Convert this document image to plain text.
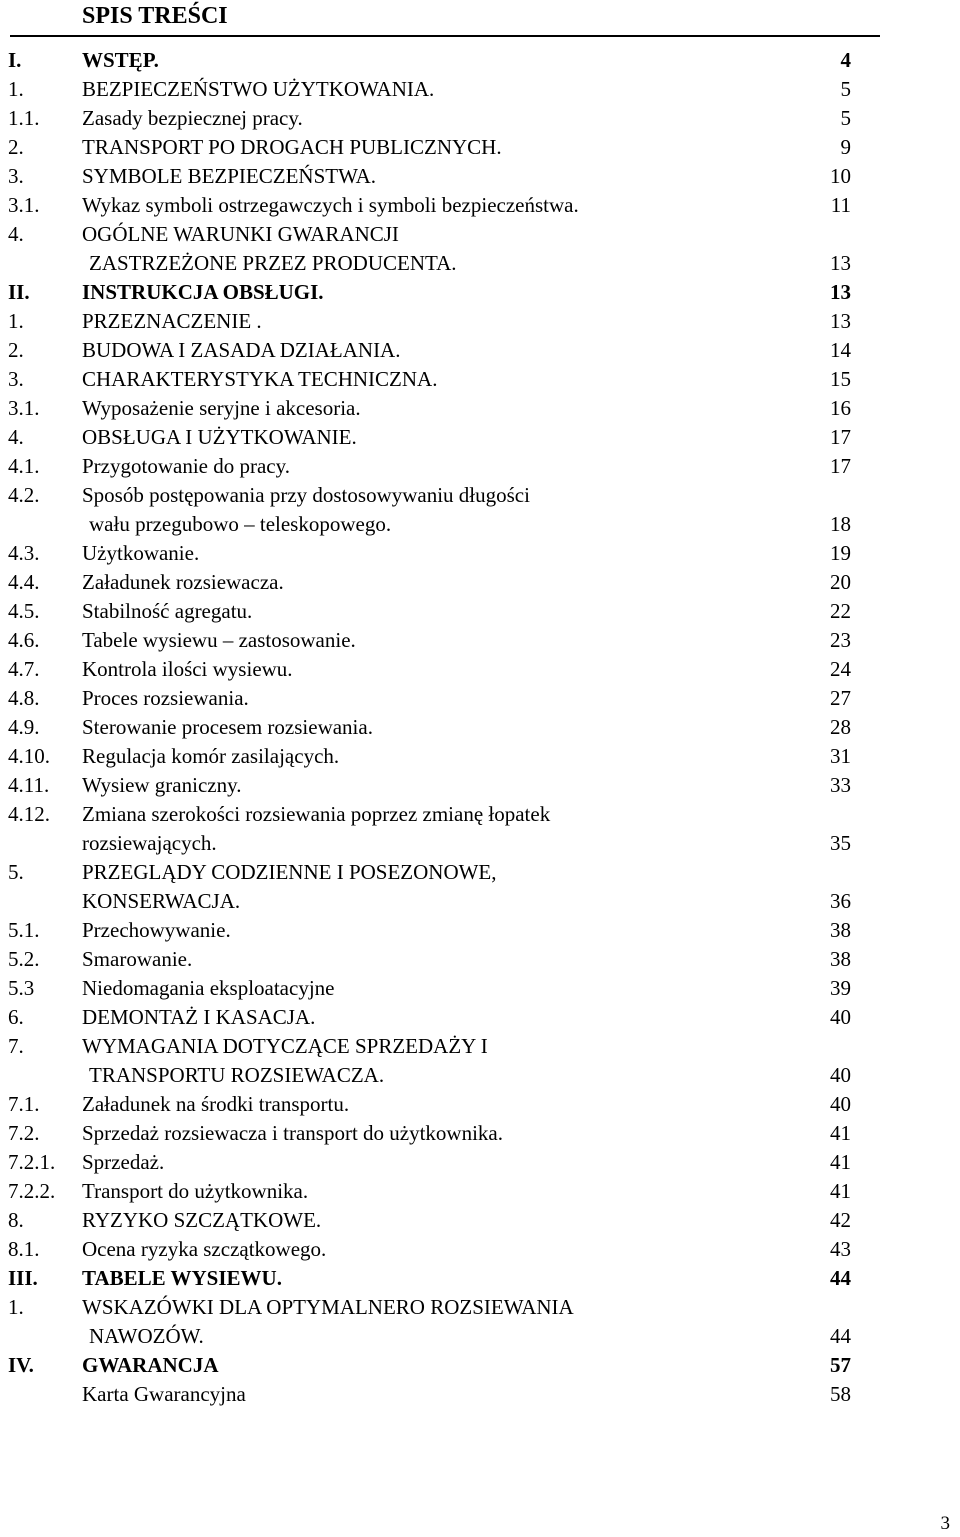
SPIS TREŚCI
I.	WSTĘP.	4
1.	BEZPIECZEŃSTWO UŻYTKOWANIA.	5
1.1. Zasady bezpiecznej pracy.	5
2.	TRANSPORT PO DROGACH PUBLICZNYCH.	9
3.	SYMBOLE BEZPIECZEŃSTWA.	10
3.1. Wykaz symboli ostrzegawczych i symboli bezpieczeństwa.	11
4.	OGÓLNE WARUNKI GWARANCJI
ZASTRZEŻONE PRZEZ PRODUCENTA.	13
II. INSTRUKCJA OBSŁUGI.	13
1.	PRZEZNACZENIE .	13
2.	BUDOWA I ZASADA DZIAŁANIA.	14
3.	CHARAKTERYSTYKA TECHNICZNA.	15
3.1. Wyposażenie seryjne i akcesoria.	16
4.	OBSŁUGA I UŻYTKOWANIE.	17
4.1. Przygotowanie do pracy.	17
4.2. Sposób postępowania przy dostosowywaniu długości
wału przegubowo – teleskopowego.	18
4.3. Użytkowanie.	19
4.4. Załadunek rozsiewacza.	20
4.5. Stabilność agregatu.	22
4.6. Tabele wysiewu – zastosowanie.	23
4.7. Kontrola ilości wysiewu.	24
4.8. Proces rozsiewania.	27
4.9. Sterowanie procesem rozsiewania.	28
4.10. Regulacja komór zasilających.	31
4.11. Wysiew graniczny.	33
4.12. Zmiana szerokości rozsiewania poprzez zmianę łopatek
rozsiewających.	35
5.	PRZEGLĄDY CODZIENNE I POSEZONOWE,
KONSERWACJA.	36
5.1. Przechowywanie.	38
5.2. Smarowanie.	38
5.3 Niedomagania eksploatacyjne	39
6.	DEMONTAŻ I KASACJA.	40
7.	WYMAGANIA DOTYCZĄCE SPRZEDAŻY I
TRANSPORTU ROZSIEWACZA.	40
7.1. Załadunek na środki transportu.	40
7.2. Sprzedaż rozsiewacza i transport do użytkownika.	41
7.2.1. Sprzedaż.	41
7.2.2. Transport do użytkownika.	41
8.	RYZYKO SZCZĄTKOWE.	42
8.1. Ocena ryzyka szczątkowego.	43
III. TABELE WYSIEWU.	44
1.	WSKAZÓWKI DLA OPTYMALNERO ROZSIEWANIA
NAWOZÓW.	44
IV. GWARANCJA	57
Karta Gwarancyjna	58
3
